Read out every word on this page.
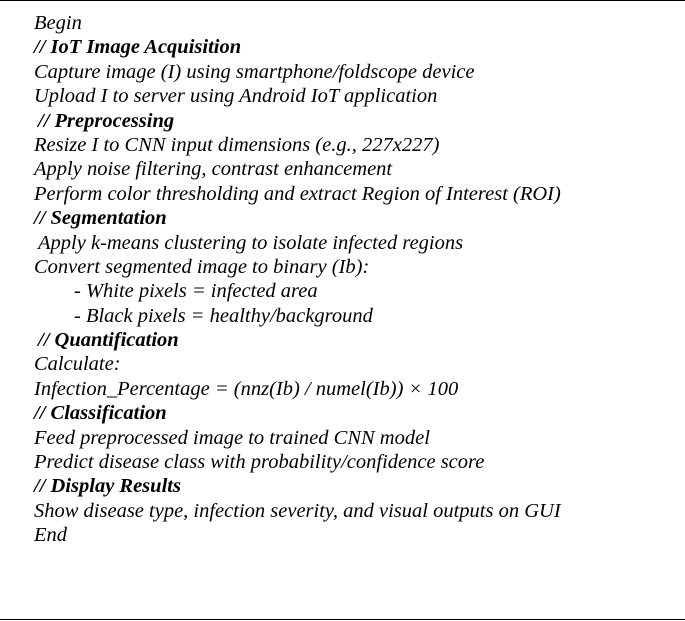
Begin
// IoT Image Acquisition
Capture image (I) using smartphone/foldscope device
Upload I to server using Android IoT application
// Preprocessing
Resize I to CNN input dimensions (e.g., 227x227)
Apply noise filtering, contrast enhancement
Perform color thresholding and extract Region of Interest (ROI)
// Segmentation
Apply k-means clustering to isolate infected regions
Convert segmented image to binary (Ib):
- White pixels = infected area
- Black pixels = healthy/background
// Quantification
Calculate:
Infection_Percentage = (nnz(Ib) / numel(Ib)) × 100
// Classification
Feed preprocessed image to trained CNN model
Predict disease class with probability/confidence score
// Display Results
Show disease type, infection severity, and visual outputs on GUI
End
